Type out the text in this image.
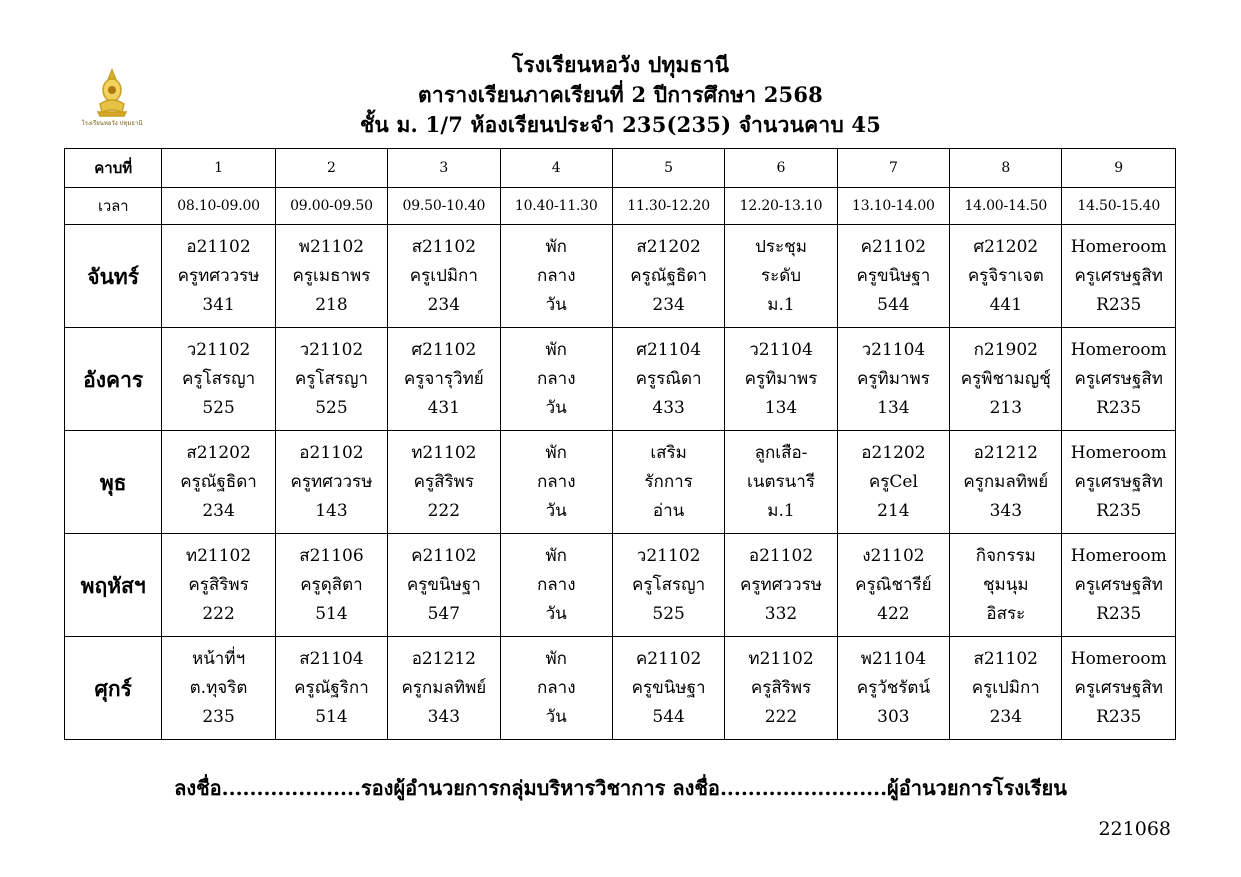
โรงเรียนหอวัง ปทุมธานี
โรงเรียนหอวัง ปทุมธานี
ตารางเรียนภาคเรียนที่ 2 ปีการศึกษา 2568
ชั้น ม. 1/7 ห้องเรียนประจำ 235(235) จำนวนคาบ 45
คาบที่	1	2	3	4	5	6	7	8	9
เวลา	08.10-09.00	09.00-09.50	09.50-10.40	10.40-11.30	11.30-12.20	12.20-13.10	13.10-14.00	14.00-14.50	14.50-15.40
จันทร์	อ21102
ครูทศววรษ
341	พ21102
ครูเมธาพร
218	ส21102
ครูเปมิกา
234	พัก
กลาง
วัน	ส21202
ครูณัฐธิดา
234	ประชุม
ระดับ
ม.1	ค21102
ครูขนิษฐา
544	ศ21202
ครูจิราเจต
441	Homeroom
ครูเศรษฐสิท
R235

อังคาร	ว21102
ครูโสรญา
525	ว21102
ครูโสรญา
525	ศ21102
ครูจารุวิทย์
431	พัก
กลาง
วัน	ศ21104
ครูรณิดา
433	ว21104
ครูทิมาพร
134	ว21104
ครูทิมาพร
134	ก21902
ครูพิชามญชุ์
213	Homeroom
ครูเศรษฐสิท
R235

พุธ	ส21202
ครูณัฐธิดา
234	อ21102
ครูทศววรษ
143	ท21102
ครูสิริพร
222	พัก
กลาง
วัน	เสริม
รักการ
อ่าน	ลูกเสือ-
เนตรนารี
ม.1	อ21202
ครูCel
214	อ21212
ครูกมลทิพย์
343	Homeroom
ครูเศรษฐสิท
R235

พฤหัสฯ	ท21102
ครูสิริพร
222	ส21106
ครูดุสิตา
514	ค21102
ครูขนิษฐา
547	พัก
กลาง
วัน	ว21102
ครูโสรญา
525	อ21102
ครูทศววรษ
332	ง21102
ครูณิชารีย์
422	กิจกรรม
ชุมนุม
อิสระ	Homeroom
ครูเศรษฐสิท
R235

ศุกร์	หน้าที่ฯ
ต.ทุจริต
235	ส21104
ครูณัฐริกา
514	อ21212
ครูกมลทิพย์
343	พัก
กลาง
วัน	ค21102
ครูขนิษฐา
544	ท21102
ครูสิริพร
222	พ21104
ครูวัชรัตน์
303	ส21102
ครูเปมิกา
234	Homeroom
ครูเศรษฐสิท
R235
ลงชื่อ....................รองผู้อำนวยการกลุ่มบริหารวิชาการ ลงชื่อ........................ผู้อำนวยการโรงเรียน
221068
